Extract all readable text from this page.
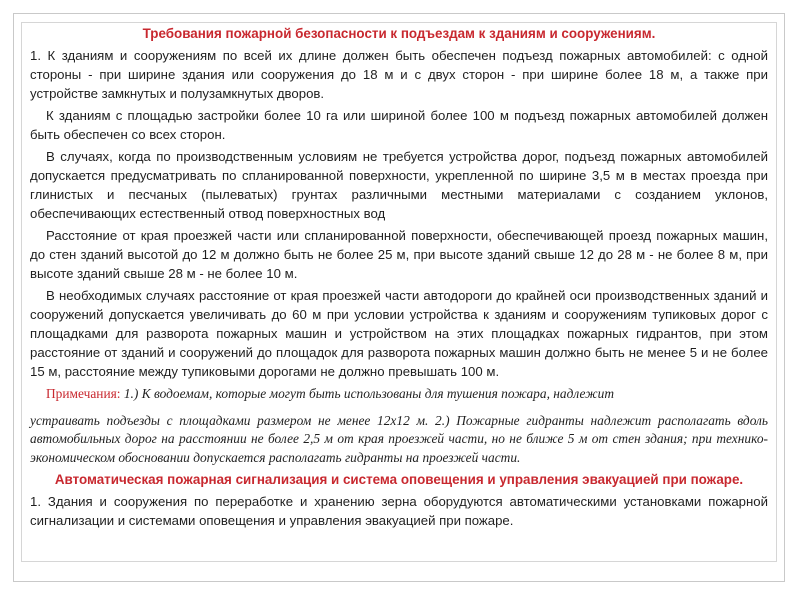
Требования пожарной безопасности к подъездам к зданиям и сооружениям.

1. К зданиям и сооружениям по всей их длине должен быть обеспечен подъезд пожарных автомобилей: с одной стороны - при ширине здания или сооружения до 18 м и с двух сторон - при ширине более 18 м, а также при устройстве замкнутых и полузамкнутых дворов.

К зданиям с площадью застройки более 10 га или шириной более 100 м подъезд пожарных автомобилей должен быть обеспечен со всех сторон.

В случаях, когда по производственным условиям не требуется устройства дорог, подъезд пожарных автомобилей допускается предусматривать по спланированной поверхности, укрепленной по ширине 3,5 м в местах проезда при глинистых и песчаных (пылеватых) грунтах различными местными материалами с созданием уклонов, обеспечивающих естественный отвод поверхностных вод

Расстояние от края проезжей части или спланированной поверхности, обеспечивающей проезд пожарных машин, до стен зданий высотой до 12 м должно быть не более 25 м, при высоте зданий свыше 12 до 28 м - не более 8 м, при высоте зданий свыше 28 м - не более 10 м.

В необходимых случаях расстояние от края проезжей части автодороги до крайней оси производственных зданий и сооружений допускается увеличивать до 60 м при условии устройства к зданиям и сооружениям тупиковых дорог с площадками для разворота пожарных машин и устройством на этих площадках пожарных гидрантов, при этом расстояние от зданий и сооружений до площадок для разворота пожарных машин должно быть не менее 5 и не более 15 м, расстояние между тупиковыми дорогами не должно превышать 100 м.

Примечания: 1.) К водоемам, которые могут быть использованы для тушения пожара, надлежит
устраивать подъезды с площадками размером не менее 12х12 м. 2.) Пожарные гидранты надлежит располагать вдоль автомобильных дорог на расстоянии не более 2,5 м от края проезжей части, но не ближе 5 м от стен здания; при технико-экономическом обосновании допускается располагать гидранты на проезжей части.
Автоматическая пожарная сигнализация и система оповещения и управления эвакуацией при пожаре.

1. Здания и сооружения по переработке и хранению зерна оборудуются автоматическими установками пожарной сигнализации и системами оповещения и управления эвакуацией при пожаре.
